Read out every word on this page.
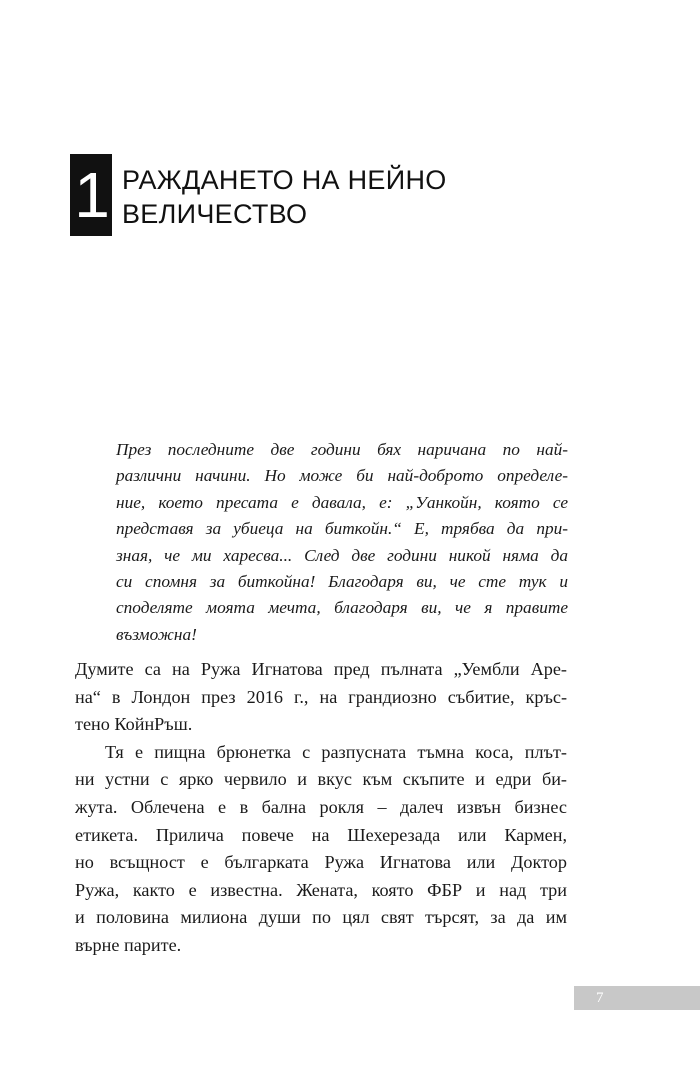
1 РАЖДАНЕТО НА НЕЙНО
ВЕЛИЧЕСТВО
През последните две години бях наричана по най-
различни начини. Но може би най-доброто определе-
ние, което пресата е давала, е: „Уанкойн, която се
представя за убиеца на биткойн.“ Е, трябва да при-
зная, че ми харесва... След две години никой няма да
си спомня за биткойна! Благодаря ви, че сте тук и
споделяте моята мечта, благодаря ви, че я правите
възможна!
Думите са на Ружа Игнатова пред пълната „Уембли Аре-
на“ в Лондон през 2016 г., на грандиозно събитие, кръс-
тено КойнРъш.
Тя е пищна брюнетка с разпусната тъмна коса, плът-
ни устни с ярко червило и вкус към скъпите и едри би-
жута. Облечена е в бална рокля – далеч извън бизнес
етикета. Прилича повече на Шехерезада или Кармен,
но всъщност е българката Ружа Игнатова или Доктор
Ружа, както е известна. Жената, която ФБР и над три
и половина милиона души по цял свят търсят, за да им
върне парите.
7
